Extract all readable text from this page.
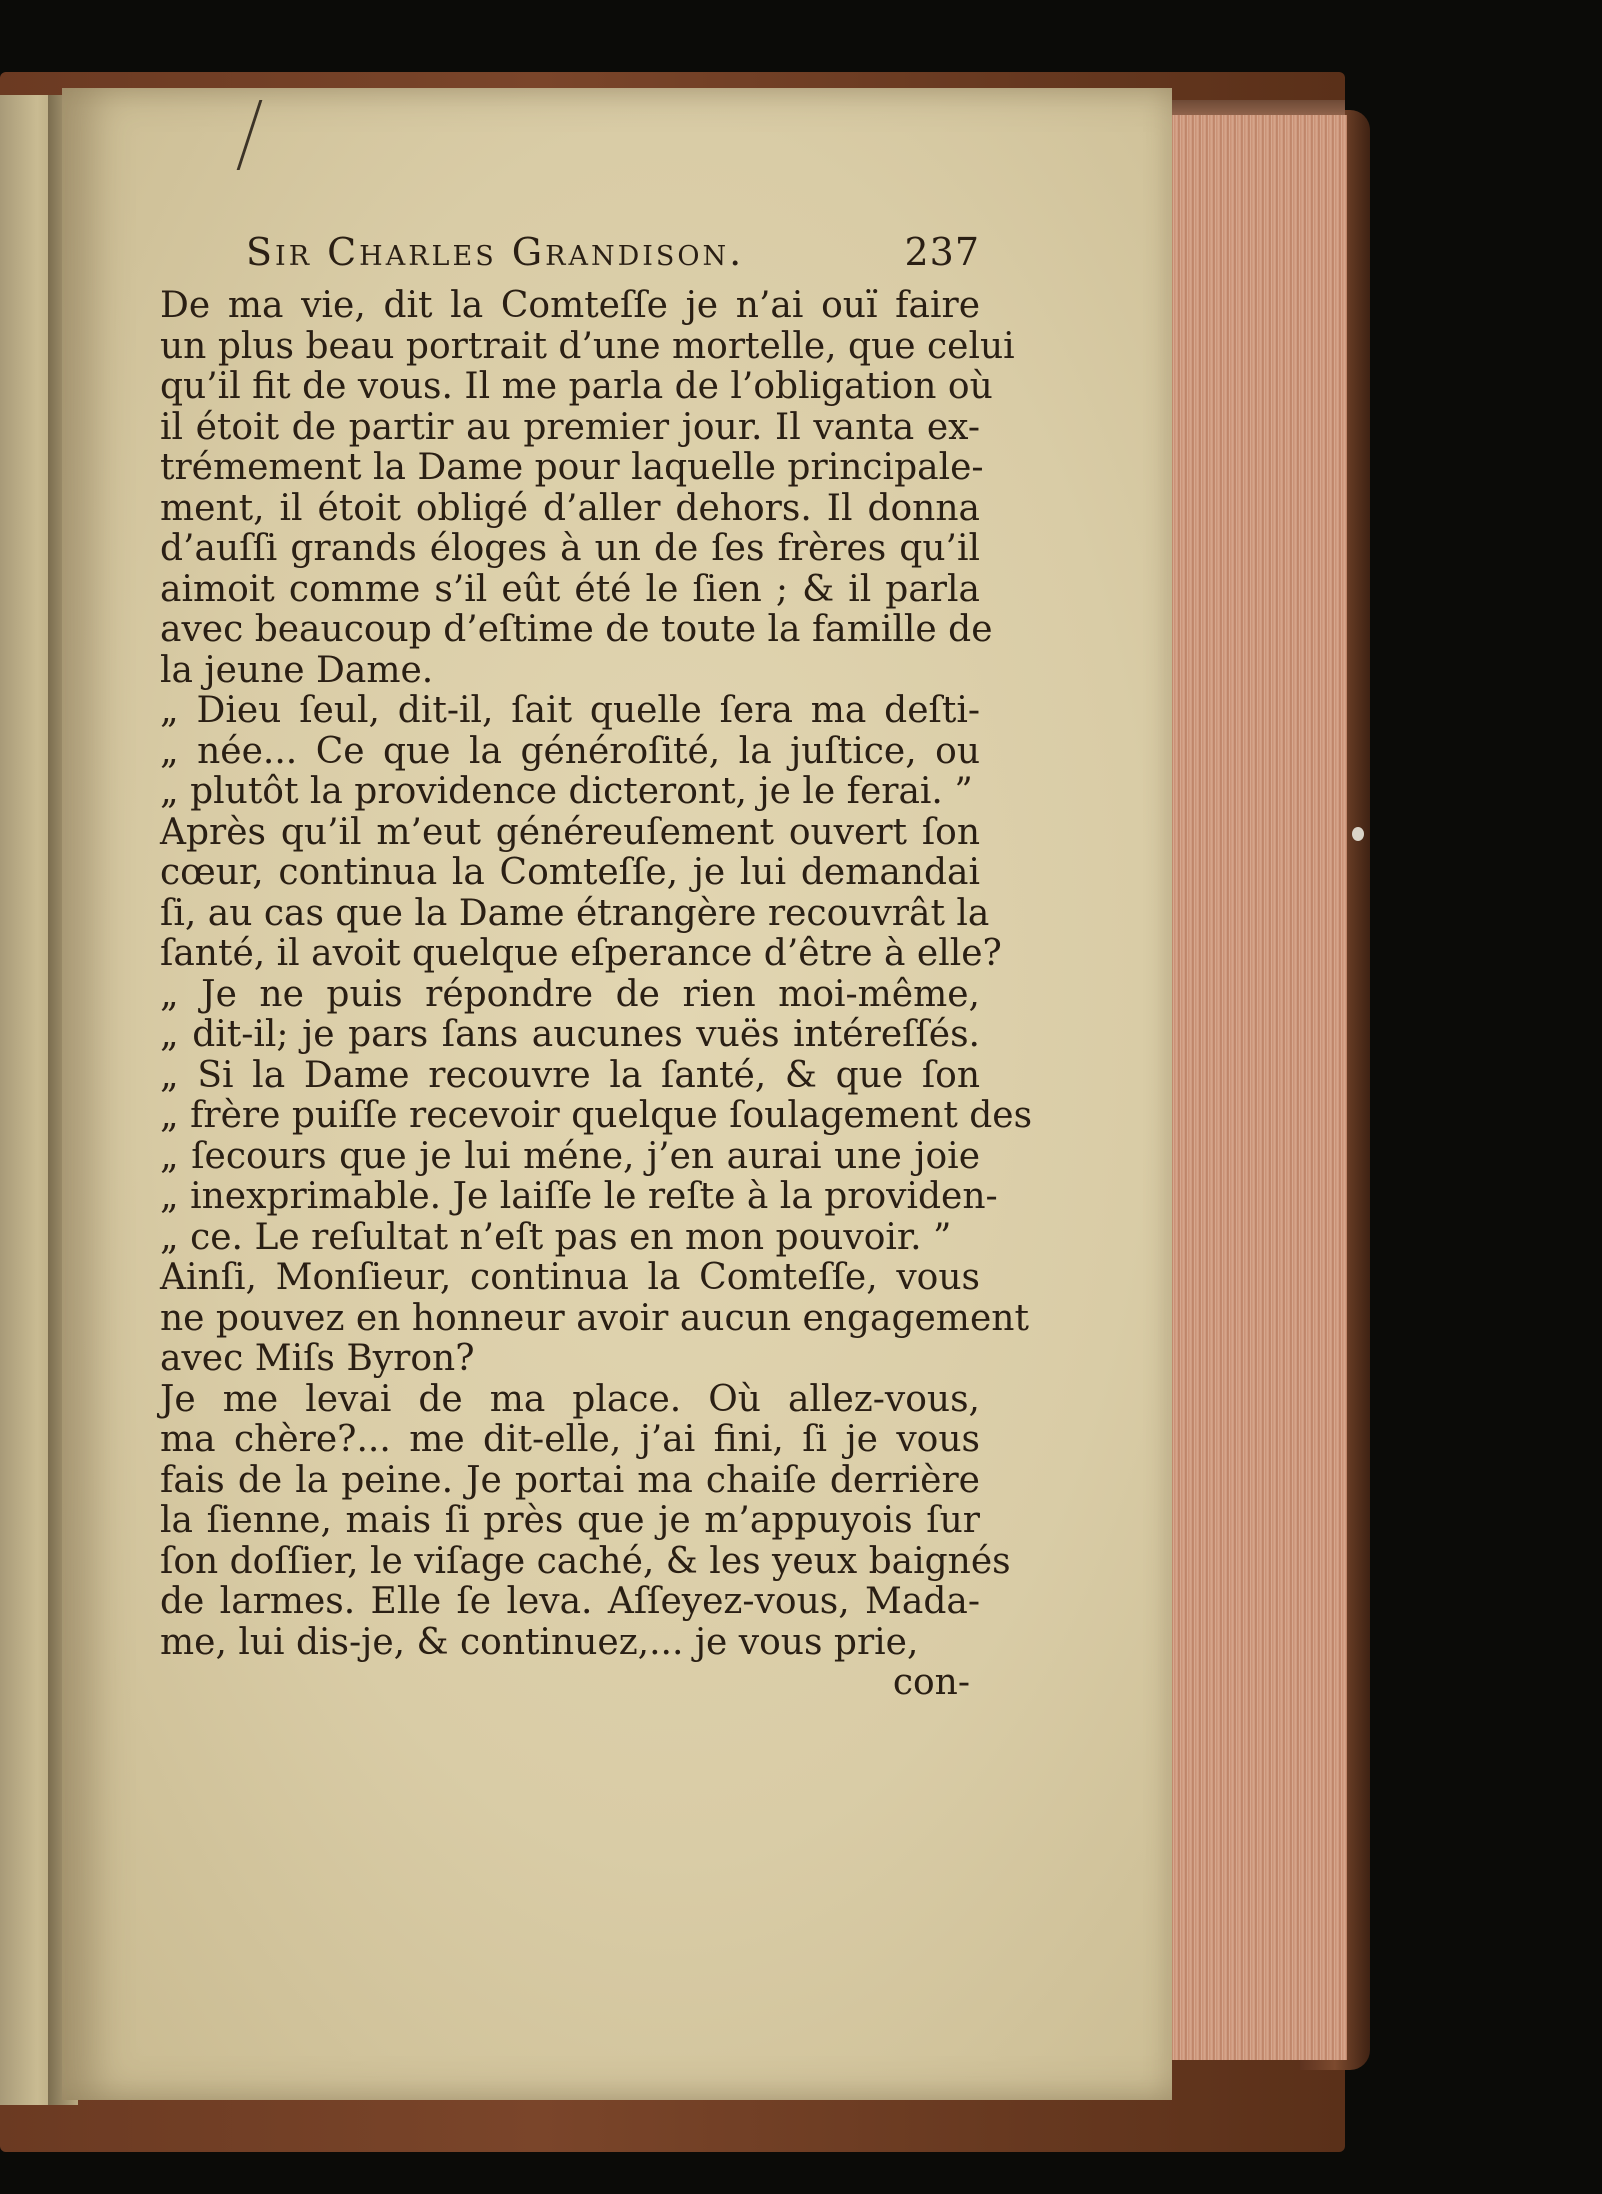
Sir Charles Grandison.	237
De ma vie, dit la Comteſſe je n’ai ouï faire
un plus beau portrait d’une mortelle, que celui
qu’il fit de vous. Il me parla de l’obligation où
il étoit de partir au premier jour. Il vanta ex-
trémement la Dame pour laquelle principale-
ment, il étoit obligé d’aller dehors. Il donna
d’auſſi grands éloges à un de ſes frères qu’il
aimoit comme s’il eût été le ſien ; & il parla
avec beaucoup d’eſtime de toute la famille de
la jeune Dame.
„ Dieu ſeul, dit-il, ſait quelle ſera ma deſti-
„ née... Ce que la généroſité, la juſtice, ou
„ plutôt la providence dicteront, je le ferai. ”
Après qu’il m’eut généreuſement ouvert ſon
cœur, continua la Comteſſe, je lui demandai
ſi, au cas que la Dame étrangère recouvrât la
ſanté, il avoit quelque eſperance d’être à elle?
„ Je ne puis répondre de rien moi-même,
„ dit-il; je pars ſans aucunes vuës intéreſſés.
„ Si la Dame recouvre la ſanté, & que ſon
„ frère puiſſe recevoir quelque ſoulagement des
„ ſecours que je lui méne, j’en aurai une joie
„ inexprimable. Je laiſſe le reſte à la providen-
„ ce. Le reſultat n’eſt pas en mon pouvoir. ”
Ainſi, Monſieur, continua la Comteſſe, vous
ne pouvez en honneur avoir aucun engagement
avec Miſs Byron?
Je me levai de ma place. Où allez-vous,
ma chère?... me dit-elle, j’ai fini, ſi je vous
fais de la peine. Je portai ma chaiſe derrière
la ſienne, mais ſi près que je m’appuyois ſur
ſon doſſier, le viſage caché, & les yeux baignés
de larmes. Elle ſe leva. Aſſeyez-vous, Mada-
me, lui dis-je, & continuez,... je vous prie,
con-
